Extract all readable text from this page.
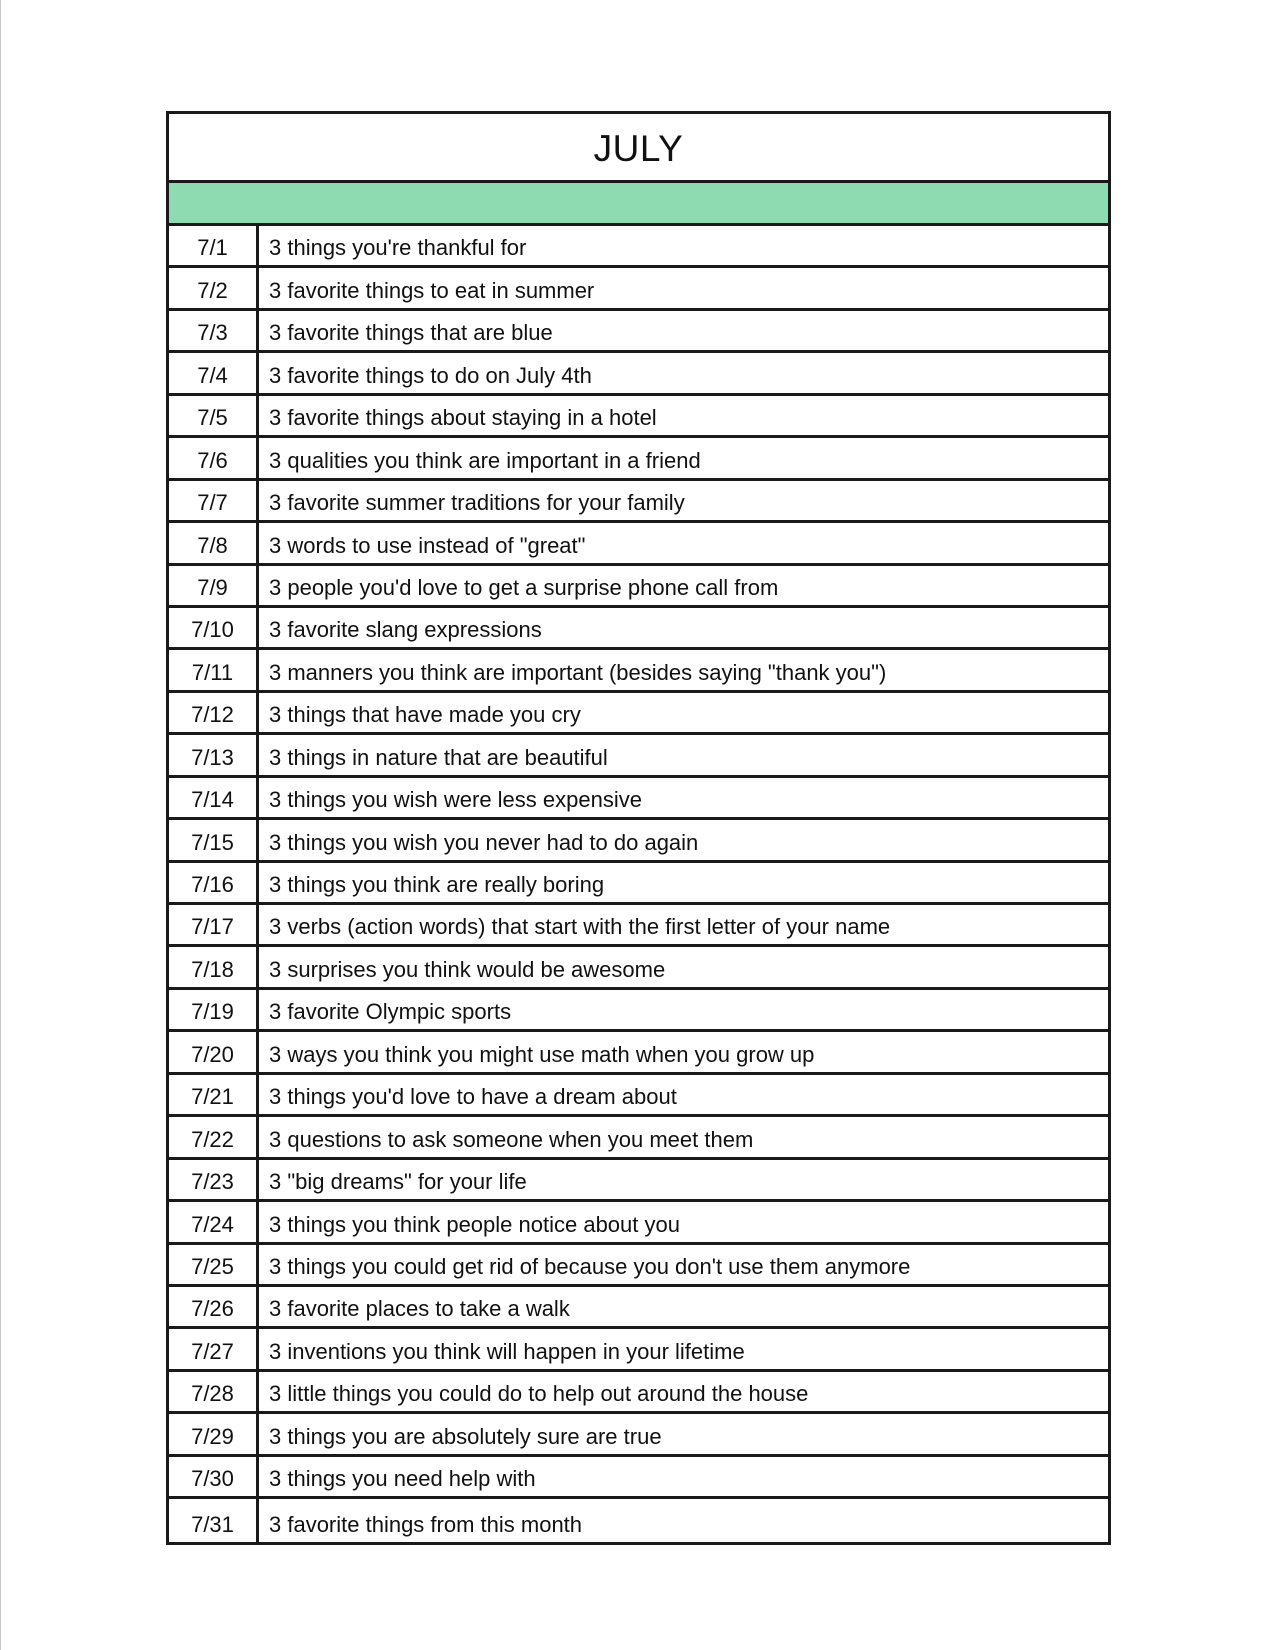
JULY
7/1	3 things you're thankful for
7/2	3 favorite things to eat in summer
7/3	3 favorite things that are blue
7/4	3 favorite things to do on July 4th
7/5	3 favorite things about staying in a hotel
7/6	3 qualities you think are important in a friend
7/7	3 favorite summer traditions for your family
7/8	3 words to use instead of "great"
7/9	3 people you'd love to get a surprise phone call from
7/10	3 favorite slang expressions
7/11	3 manners you think are important (besides saying "thank you")
7/12	3 things that have made you cry
7/13	3 things in nature that are beautiful
7/14	3 things you wish were less expensive
7/15	3 things you wish you never had to do again
7/16	3 things you think are really boring
7/17	3 verbs (action words) that start with the first letter of your name
7/18	3 surprises you think would be awesome
7/19	3 favorite Olympic sports
7/20	3 ways you think you might use math when you grow up
7/21	3 things you'd love to have a dream about
7/22	3 questions to ask someone when you meet them
7/23	3 "big dreams" for your life
7/24	3 things you think people notice about you
7/25	3 things you could get rid of because you don't use them anymore
7/26	3 favorite places to take a walk
7/27	3 inventions you think will happen in your lifetime
7/28	3 little things you could do to help out around the house
7/29	3 things you are absolutely sure are true
7/30	3 things you need help with
7/31	3 favorite things from this month
